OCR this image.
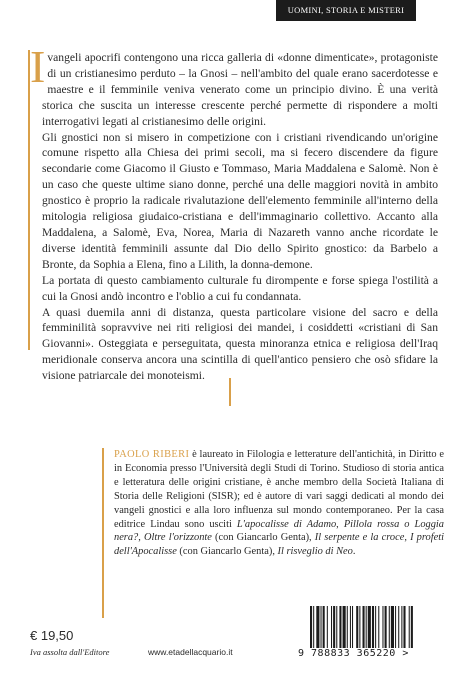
UOMINI, STORIA E MISTERI

Ivangeli apocrifi contengono una ricca galleria di «donne dimenticate», protagoniste di un cristianesimo perduto – la Gnosi – nell'ambito del quale erano sacerdotesse e maestre e il femminile veniva venerato come un principio divino. È una verità storica che suscita un interesse crescente perché permette di rispondere a molti interrogativi legati al cristianesimo delle origini.

Gli gnostici non si misero in competizione con i cristiani rivendicando un'origine comune rispetto alla Chiesa dei primi secoli, ma si fecero discendere da figure secondarie come Giacomo il Giusto e Tommaso, Maria Maddalena e Salomè. Non è un caso che queste ultime siano donne, perché una delle maggiori novità in ambito gnostico è proprio la radicale rivalutazione dell'elemento femminile all'interno della mitologia religiosa giudaico-cristiana e dell'immaginario collettivo. Accanto alla Maddalena, a Salomè, Eva, Norea, Maria di Nazareth vanno anche ricordate le diverse identità femminili assunte dal Dio dello Spirito gnostico: da Barbelo a Bronte, da Sophia a Elena, fino a Lilith, la donna-demone.

La portata di questo cambiamento culturale fu dirompente e forse spiega l'ostilità a cui la Gnosi andò incontro e l'oblio a cui fu condannata.

A quasi duemila anni di distanza, questa particolare visione del sacro e della femminilità sopravvive nei riti religiosi dei mandei, i cosiddetti «cristiani di San Giovanni». Osteggiata e perseguitata, questa minoranza etnica e religiosa dell'Iraq meridionale conserva ancora una scintilla di quell'antico pensiero che osò sfidare la visione patriarcale dei monoteismi.

PAOLO RIBERI è laureato in Filologia e letterature dell'antichità, in Diritto e in Economia presso l'Università degli Studi di Torino. Studioso di storia antica e letteratura delle origini cristiane, è anche membro della Società Italiana di Storia delle Religioni (SISR); ed è autore di vari saggi dedicati al mondo dei vangeli gnostici e alla loro influenza sul mondo contemporaneo. Per la casa editrice Lindau sono usciti L'apocalisse di Adamo, Pillola rossa o Loggia nera?, Oltre l'orizzonte (con Giancarlo Genta), Il serpente e la croce, I profeti dell'Apocalisse (con Giancarlo Genta), Il risveglio di Neo.
€ 19,50
Iva assolta dall'Editore	www.etadellacquario.it	9 788833 365220 >
